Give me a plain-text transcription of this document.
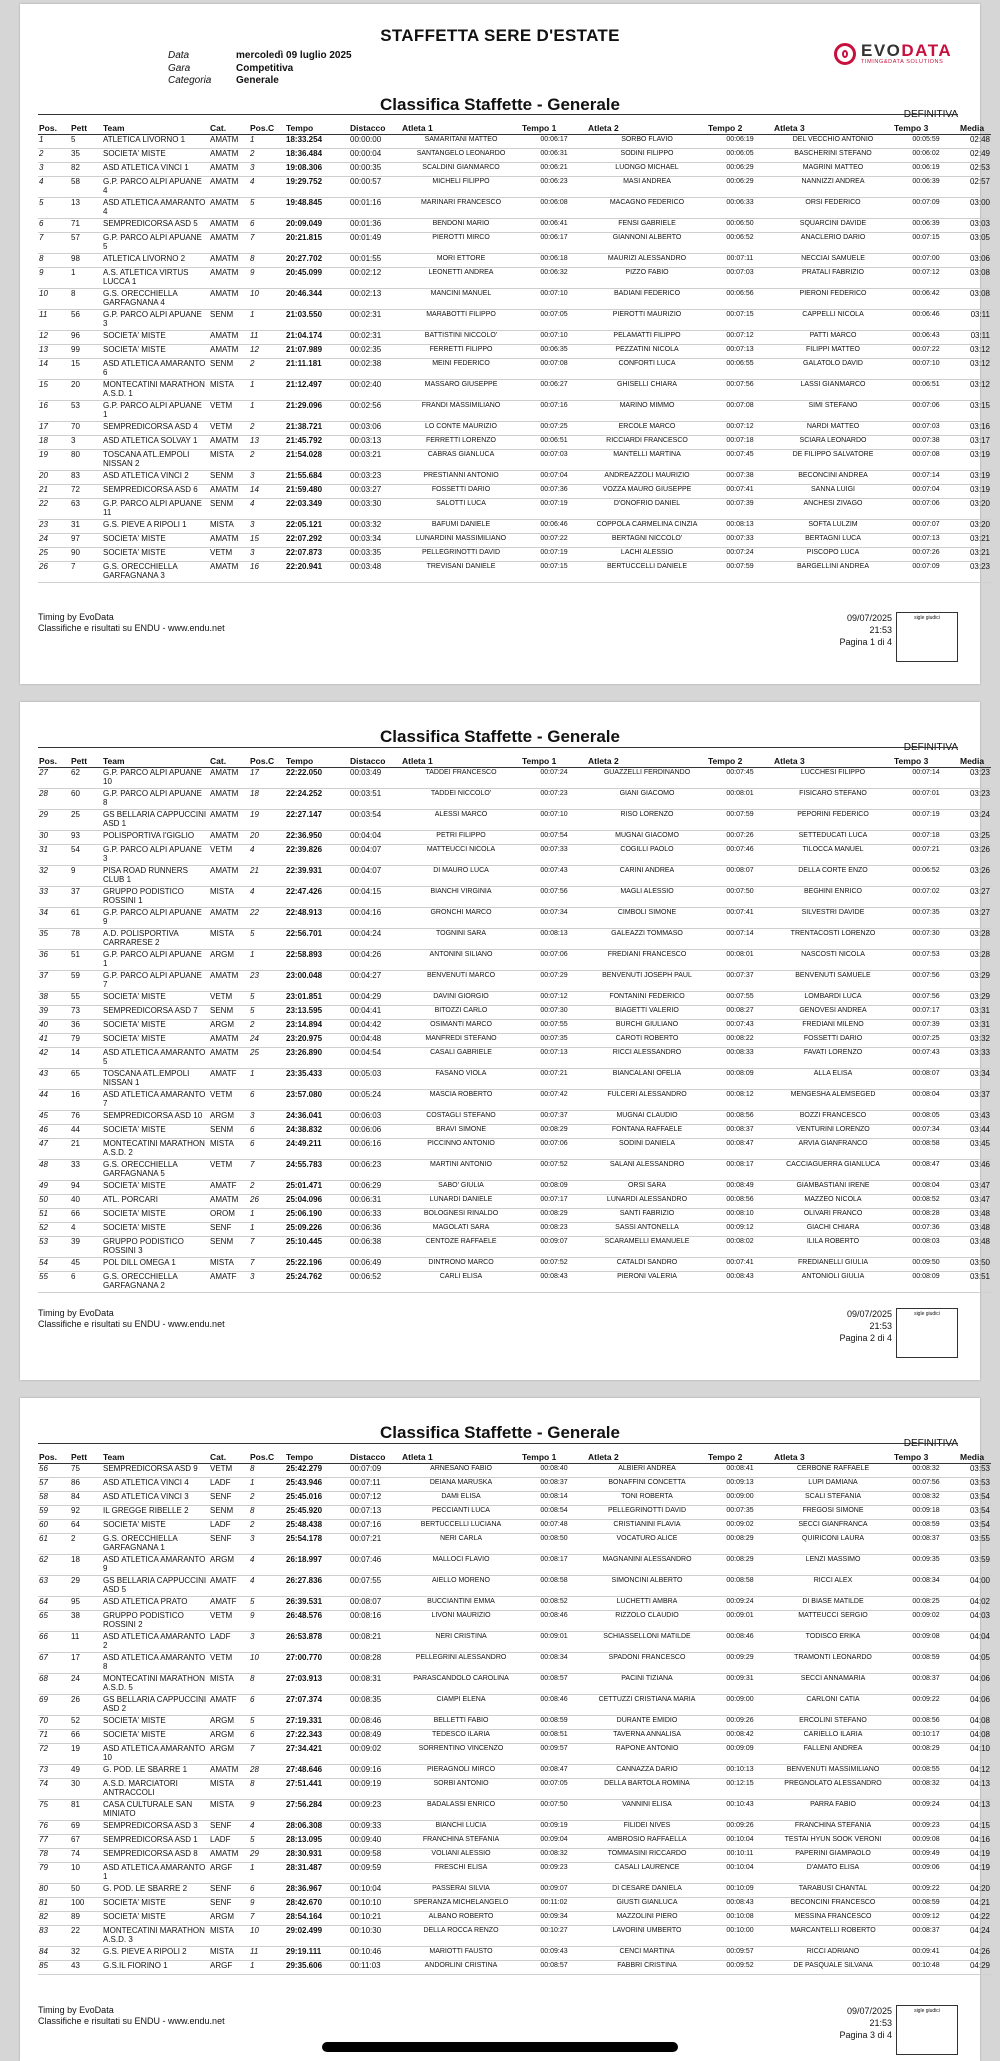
STAFFETTA SERE D'ESTATE
Data	mercoledì 09 luglio 2025
Gara	Competitiva
Categoria	Generale
EVODATA
TIMING&DATA SOLUTIONS
Classifica Staffette - Generale
DEFINITIVA
Pos.	Pett	Team	Cat.	Pos.C	Tempo	Distacco	Atleta 1	Tempo 1	Atleta 2	Tempo 2	Atleta 3	Tempo 3	Media
1	5	ATLETICA LIVORNO 1	AMATM	1	18:33.254	00:00:00	SAMARITANI MATTEO	00:06:17	SORBO FLAVIO	00:06:19	DEL VECCHIO ANTONIO	00:05:59	02:48
2	35	SOCIETA' MISTE	AMATM	2	18:36.484	00:00:04	SANTANGELO LEONARDO	00:06:31	SODINI FILIPPO	00:06:05	BASCHERINI STEFANO	00:06:02	02:49
3	82	ASD ATLETICA VINCI 1	AMATM	3	19:08.306	00:00:35	SCALDINI GIANMARCO	00:06:21	LUONGO MICHAEL	00:06:29	MAGRINI MATTEO	00:06:19	02:53
4	58	G.P. PARCO ALPI APUANE 4	AMATM	4	19:29.752	00:00:57	MICHELI FILIPPO	00:06:23	MASI ANDREA	00:06:29	NANNIZZI ANDREA	00:06:39	02:57
5	13	ASD ATLETICA AMARANTO 4	AMATM	5	19:48.845	00:01:16	MARINARI FRANCESCO	00:06:08	MACAGNO FEDERICO	00:06:33	ORSI FEDERICO	00:07:09	03:00
6	71	SEMPREDICORSA ASD 5	AMATM	6	20:09.049	00:01:36	BENDONI MARIO	00:06:41	FENSI GABRIELE	00:06:50	SQUARCINI DAVIDE	00:06:39	03:03
7	57	G.P. PARCO ALPI APUANE 5	AMATM	7	20:21.815	00:01:49	PIEROTTI MIRCO	00:06:17	GIANNONI ALBERTO	00:06:52	ANACLERIO DARIO	00:07:15	03:05
8	98	ATLETICA LIVORNO 2	AMATM	8	20:27.702	00:01:55	MORI ETTORE	00:06:18	MAURIZI ALESSANDRO	00:07:11	NECCIAI SAMUELE	00:07:00	03:06
9	1	A.S. ATLETICA VIRTUS LUCCA 1	AMATM	9	20:45.099	00:02:12	LEONETTI ANDREA	00:06:32	PIZZO FABIO	00:07:03	PRATALI FABRIZIO	00:07:12	03:08
10	8	G.S. ORECCHIELLA GARFAGNANA 4	AMATM	10	20:46.344	00:02:13	MANCINI MANUEL	00:07:10	BADIANI FEDERICO	00:06:56	PIERONI FEDERICO	00:06:42	03:08
11	56	G.P. PARCO ALPI APUANE 3	SENM	1	21:03.550	00:02:31	MARABOTTI FILIPPO	00:07:05	PIEROTTI MAURIZIO	00:07:15	CAPPELLI NICOLA	00:06:46	03:11
12	96	SOCIETA' MISTE	AMATM	11	21:04.174	00:02:31	BATTISTINI NICCOLO'	00:07:10	PELAMATTI FILIPPO	00:07:12	PATTI MARCO	00:06:43	03:11
13	99	SOCIETA' MISTE	AMATM	12	21:07.989	00:02:35	FERRETTI FILIPPO	00:06:35	PEZZATINI NICOLA	00:07:13	FILIPPI MATTEO	00:07:22	03:12
14	15	ASD ATLETICA AMARANTO 6	SENM	2	21:11.181	00:02:38	MEINI FEDERICO	00:07:08	CONFORTI LUCA	00:06:55	GALATOLO DAVID	00:07:10	03:12
15	20	MONTECATINI MARATHON A.S.D. 1	MISTA	1	21:12.497	00:02:40	MASSARO GIUSEPPE	00:06:27	GHISELLI CHIARA	00:07:56	LASSI GIANMARCO	00:06:51	03:12
16	53	G.P. PARCO ALPI APUANE 1	VETM	1	21:29.096	00:02:56	FRANDI MASSIMILIANO	00:07:16	MARINO MIMMO	00:07:08	SIMI STEFANO	00:07:06	03:15
17	70	SEMPREDICORSA ASD 4	VETM	2	21:38.721	00:03:06	LO CONTE MAURIZIO	00:07:25	ERCOLE MARCO	00:07:12	NARDI MATTEO	00:07:03	03:16
18	3	ASD ATLETICA SOLVAY 1	AMATM	13	21:45.792	00:03:13	FERRETTI LORENZO	00:06:51	RICCIARDI FRANCESCO	00:07:18	SCIARA LEONARDO	00:07:38	03:17
19	80	TOSCANA ATL.EMPOLI NISSAN 2	MISTA	2	21:54.028	00:03:21	CABRAS GIANLUCA	00:07:03	MANTELLI MARTINA	00:07:45	DE FILIPPO SALVATORE	00:07:08	03:19
20	83	ASD ATLETICA VINCI 2	SENM	3	21:55.684	00:03:23	PRESTIANNI ANTONIO	00:07:04	ANDREAZZOLI MAURIZIO	00:07:38	BECONCINI ANDREA	00:07:14	03:19
21	72	SEMPREDICORSA ASD 6	AMATM	14	21:59.480	00:03:27	FOSSETTI DARIO	00:07:36	VOZZA MAURO GIUSEPPE	00:07:41	SANNA LUIGI	00:07:04	03:19
22	63	G.P. PARCO ALPI APUANE 11	SENM	4	22:03.349	00:03:30	SALOTTI LUCA	00:07:19	D'ONOFRIO DANIEL	00:07:39	ANCHESI ZIVAGO	00:07:06	03:20
23	31	G.S. PIEVE A RIPOLI 1	MISTA	3	22:05.121	00:03:32	BAFUMI DANIELE	00:06:46	COPPOLA CARMELINA CINZIA	00:08:13	SOFTA LULZIM	00:07:07	03:20
24	97	SOCIETA' MISTE	AMATM	15	22:07.292	00:03:34	LUNARDINI MASSIMILIANO	00:07:22	BERTAGNI NICCOLO'	00:07:33	BERTAGNI LUCA	00:07:13	03:21
25	90	SOCIETA' MISTE	VETM	3	22:07.873	00:03:35	PELLEGRINOTTI DAVID	00:07:19	LACHI ALESSIO	00:07:24	PISCOPO LUCA	00:07:26	03:21
26	7	G.S. ORECCHIELLA GARFAGNANA 3	AMATM	16	22:20.941	00:03:48	TREVISANI DANIELE	00:07:15	BERTUCCELLI DANIELE	00:07:59	BARGELLINI ANDREA	00:07:09	03:23
Timing by EvoData
Classifiche e risultati su ENDU - www.endu.net
09/07/2025 21:53
Pagina 1 di 4
sigle giudici
Classifica Staffette - Generale
DEFINITIVA
Pos.	Pett	Team	Cat.	Pos.C	Tempo	Distacco	Atleta 1	Tempo 1	Atleta 2	Tempo 2	Atleta 3	Tempo 3	Media
27	62	G.P. PARCO ALPI APUANE 10	AMATM	17	22:22.050	00:03:49	TADDEI FRANCESCO	00:07:24	GUAZZELLI FERDINANDO	00:07:45	LUCCHESI FILIPPO	00:07:14	03:23
28	60	G.P. PARCO ALPI APUANE 8	AMATM	18	22:24.252	00:03:51	TADDEI NICCOLO'	00:07:23	GIANI GIACOMO	00:08:01	FISICARO STEFANO	00:07:01	03:23
29	25	GS BELLARIA CAPPUCCINI ASD 1	AMATM	19	22:27.147	00:03:54	ALESSI MARCO	00:07:10	RISO LORENZO	00:07:59	PEPORINI FEDERICO	00:07:19	03:24
30	93	POLISPORTIVA I'GIGLIO	AMATM	20	22:36.950	00:04:04	PETRI FILIPPO	00:07:54	MUGNAI GIACOMO	00:07:26	SETTEDUCATI LUCA	00:07:18	03:25
31	54	G.P. PARCO ALPI APUANE 3	VETM	4	22:39.826	00:04:07	MATTEUCCI NICOLA	00:07:33	COGILLI PAOLO	00:07:46	TILOCCA MANUEL	00:07:21	03:26
32	9	PISA ROAD RUNNERS CLUB 1	AMATM	21	22:39.931	00:04:07	DI MAURO LUCA	00:07:43	CARINI ANDREA	00:08:07	DELLA CORTE ENZO	00:06:52	03:26
33	37	GRUPPO PODISTICO ROSSINI 1	MISTA	4	22:47.426	00:04:15	BIANCHI VIRGINIA	00:07:56	MAGLI ALESSIO	00:07:50	BEGHINI ENRICO	00:07:02	03:27
34	61	G.P. PARCO ALPI APUANE 9	AMATM	22	22:48.913	00:04:16	GRONCHI MARCO	00:07:34	CIMBOLI SIMONE	00:07:41	SILVESTRI DAVIDE	00:07:35	03:27
35	78	A.D. POLISPORTIVA CARRARESE 2	MISTA	5	22:56.701	00:04:24	TOGNINI SARA	00:08:13	GALEAZZI TOMMASO	00:07:14	TRENTACOSTI LORENZO	00:07:30	03:28
36	51	G.P. PARCO ALPI APUANE 1	ARGM	1	22:58.893	00:04:26	ANTONINI SILIANO	00:07:06	FREDIANI FRANCESCO	00:08:01	NASCOSTI NICOLA	00:07:53	03:28
37	59	G.P. PARCO ALPI APUANE 7	AMATM	23	23:00.048	00:04:27	BENVENUTI MARCO	00:07:29	BENVENUTI JOSEPH PAUL	00:07:37	BENVENUTI SAMUELE	00:07:56	03:29
38	55	SOCIETA' MISTE	VETM	5	23:01.851	00:04:29	DAVINI GIORGIO	00:07:12	FONTANINI FEDERICO	00:07:55	LOMBARDI LUCA	00:07:56	03:29
39	73	SEMPREDICORSA ASD 7	SENM	5	23:13.595	00:04:41	BITOZZI CARLO	00:07:30	BIAGETTI VALERIO	00:08:27	GENOVESI ANDREA	00:07:17	03:31
40	36	SOCIETA' MISTE	ARGM	2	23:14.894	00:04:42	OSIMANTI MARCO	00:07:55	BURCHI GIULIANO	00:07:43	FREDIANI MILENO	00:07:39	03:31
41	79	SOCIETA' MISTE	AMATM	24	23:20.975	00:04:48	MANFREDI STEFANO	00:07:35	CAROTI ROBERTO	00:08:22	FOSSETTI DARIO	00:07:25	03:32
42	14	ASD ATLETICA AMARANTO 5	AMATM	25	23:26.890	00:04:54	CASALI GABRIELE	00:07:13	RICCI ALESSANDRO	00:08:33	FAVATI LORENZO	00:07:43	03:33
43	65	TOSCANA ATL.EMPOLI NISSAN 1	AMATF	1	23:35.433	00:05:03	FASANO VIOLA	00:07:21	BIANCALANI OFELIA	00:08:09	ALLA ELISA	00:08:07	03:34
44	16	ASD ATLETICA AMARANTO 7	VETM	6	23:57.080	00:05:24	MASCIA ROBERTO	00:07:42	FULCERI ALESSANDRO	00:08:12	MENGESHA ALEMSEGED	00:08:04	03:37
45	76	SEMPREDICORSA ASD 10	ARGM	3	24:36.041	00:06:03	COSTAGLI STEFANO	00:07:37	MUGNAI CLAUDIO	00:08:56	BOZZI FRANCESCO	00:08:05	03:43
46	44	SOCIETA' MISTE	SENM	6	24:38.832	00:06:06	BRAVI SIMONE	00:08:29	FONTANA RAFFAELE	00:08:37	VENTURINI LORENZO	00:07:34	03:44
47	21	MONTECATINI MARATHON A.S.D. 2	MISTA	6	24:49.211	00:06:16	PICCINNO ANTONIO	00:07:06	SODINI DANIELA	00:08:47	ARVIA GIANFRANCO	00:08:58	03:45
48	33	G.S. ORECCHIELLA GARFAGNANA 5	VETM	7	24:55.783	00:06:23	MARTINI ANTONIO	00:07:52	SALANI ALESSANDRO	00:08:17	CACCIAGUERRA GIANLUCA	00:08:47	03:46
49	94	SOCIETA' MISTE	AMATF	2	25:01.471	00:06:29	SABO' GIULIA	00:08:09	ORSI SARA	00:08:49	GIAMBASTIANI IRENE	00:08:04	03:47
50	40	ATL. PORCARI	AMATM	26	25:04.096	00:06:31	LUNARDI DANIELE	00:07:17	LUNARDI ALESSANDRO	00:08:56	MAZZEO NICOLA	00:08:52	03:47
51	66	SOCIETA' MISTE	OROM	1	25:06.190	00:06:33	BOLOGNESI RINALDO	00:08:29	SANTI FABRIZIO	00:08:10	OLIVARI FRANCO	00:08:28	03:48
52	4	SOCIETA' MISTE	SENF	1	25:09.226	00:06:36	MAGOLATI SARA	00:08:23	SASSI ANTONELLA	00:09:12	GIACHI CHIARA	00:07:36	03:48
53	39	GRUPPO PODISTICO ROSSINI 3	SENM	7	25:10.445	00:06:38	CENTOZE RAFFAELE	00:09:07	SCARAMELLI EMANUELE	00:08:02	ILILA ROBERTO	00:08:03	03:48
54	45	POL DILL OMEGA 1	MISTA	7	25:22.196	00:06:49	DINTRONO MARCO	00:07:52	CATALDI SANDRO	00:07:41	FREDIANELLI GIULIA	00:09:50	03:50
55	6	G.S. ORECCHIELLA GARFAGNANA 2	AMATF	3	25:24.762	00:06:52	CARLI ELISA	00:08:43	PIERONI VALERIA	00:08:43	ANTONIOLI GIULIA	00:08:09	03:51
Timing by EvoData
Classifiche e risultati su ENDU - www.endu.net
09/07/2025 21:53
Pagina 2 di 4
sigle giudici
Classifica Staffette - Generale
DEFINITIVA
Pos.	Pett	Team	Cat.	Pos.C	Tempo	Distacco	Atleta 1	Tempo 1	Atleta 2	Tempo 2	Atleta 3	Tempo 3	Media
56	75	SEMPREDICORSA ASD 9	VETM	8	25:42.279	00:07:09	ARNESANO FABIO	00:08:40	ALBIERI ANDREA	00:08:41	CERBONE RAFFAELE	00:08:32	03:53
57	86	ASD ATLETICA VINCI 4	LADF	1	25:43.946	00:07:11	DEIANA MARUSKA	00:08:37	BONAFFINI CONCETTA	00:09:13	LUPI DAMIANA	00:07:56	03:53
58	84	ASD ATLETICA VINCI 3	SENF	2	25:45.016	00:07:12	DAMI ELISA	00:08:14	TONI ROBERTA	00:09:00	SCALI STEFANIA	00:08:32	03:54
59	92	IL GREGGE RIBELLE 2	SENM	8	25:45.920	00:07:13	PECCIANTI LUCA	00:08:54	PELLEGRINOTTI DAVID	00:07:35	FREGOSI SIMONE	00:09:18	03:54
60	64	SOCIETA' MISTE	LADF	2	25:48.438	00:07:16	BERTUCCELLI LUCIANA	00:07:48	CRISTIANINI FLAVIA	00:09:02	SECCI GIANFRANCA	00:08:59	03:54
61	2	G.S. ORECCHIELLA GARFAGNANA 1	SENF	3	25:54.178	00:07:21	NERI CARLA	00:08:50	VOCATURO ALICE	00:08:29	QUIRICONI LAURA	00:08:37	03:55
62	18	ASD ATLETICA AMARANTO 9	ARGM	4	26:18.997	00:07:46	MALLOCI FLAVIO	00:08:17	MAGNANINI ALESSANDRO	00:08:29	LENZI MASSIMO	00:09:35	03:59
63	29	GS BELLARIA CAPPUCCINI ASD 5	AMATF	4	26:27.836	00:07:55	AIELLO MORENO	00:08:58	SIMONCINI ALBERTO	00:08:58	RICCI ALEX	00:08:34	04:00
64	95	ASD ATLETICA PRATO	AMATF	5	26:39.531	00:08:07	BUCCIANTINI EMMA	00:08:52	LUCHETTI AMBRA	00:09:24	DI BIASE MATILDE	00:08:25	04:02
65	38	GRUPPO PODISTICO ROSSINI 2	VETM	9	26:48.576	00:08:16	LIVONI MAURIZIO	00:08:46	RIZZOLO CLAUDIO	00:09:01	MATTEUCCI SERGIO	00:09:02	04:03
66	11	ASD ATLETICA AMARANTO 2	LADF	3	26:53.878	00:08:21	NERI CRISTINA	00:09:01	SCHIASSELLONI MATILDE	00:08:46	TODISCO ERIKA	00:09:08	04:04
67	17	ASD ATLETICA AMARANTO 8	VETM	10	27:00.770	00:08:28	PELLEGRINI ALESSANDRO	00:08:34	SPADONI FRANCESCO	00:09:29	TRAMONTI LEONARDO	00:08:59	04:05
68	24	MONTECATINI MARATHON A.S.D. 5	MISTA	8	27:03.913	00:08:31	PARASCANDOLO CAROLINA	00:08:57	PACINI TIZIANA	00:09:31	SECCI ANNAMARIA	00:08:37	04:06
69	26	GS BELLARIA CAPPUCCINI ASD 2	AMATF	6	27:07.374	00:08:35	CIAMPI ELENA	00:08:46	CETTUZZI CRISTIANA MARIA	00:09:00	CARLONI CATIA	00:09:22	04:06
70	52	SOCIETA' MISTE	ARGM	5	27:19.331	00:08:46	BELLETTI FABIO	00:08:59	DURANTE EMIDIO	00:09:26	ERCOLINI STEFANO	00:08:56	04:08
71	66	SOCIETA' MISTE	ARGM	6	27:22.343	00:08:49	TEDESCO ILARIA	00:08:51	TAVERNA ANNALISA	00:08:42	CARIELLO ILARIA	00:10:17	04:08
72	19	ASD ATLETICA AMARANTO 10	ARGM	7	27:34.421	00:09:02	SORRENTINO VINCENZO	00:09:57	RAPONE ANTONIO	00:09:09	FALLENI ANDREA	00:08:29	04:10
73	49	G. POD. LE SBARRE 1	AMATM	28	27:48.646	00:09:16	PIERAGNOLI MIRCO	00:08:47	CANNAZZA DARIO	00:10:13	BENVENUTI MASSIMILIANO	00:08:55	04:12
74	30	A.S.D. MARCIATORI ANTRACCOLI	MISTA	8	27:51.441	00:09:19	SORBI ANTONIO	00:07:05	DELLA BARTOLA ROMINA	00:12:15	PREGNOLATO ALESSANDRO	00:08:32	04:13
75	81	CASA CULTURALE SAN MINIATO	MISTA	9	27:56.284	00:09:23	BADALASSI ENRICO	00:07:50	VANNINI ELISA	00:10:43	PARRA FABIO	00:09:24	04:13
76	69	SEMPREDICORSA ASD 3	SENF	4	28:06.308	00:09:33	BIANCHI LUCIA	00:09:19	FILIDEI NIVES	00:09:26	FRANCHINA STEFANIA	00:09:23	04:15
77	67	SEMPREDICORSA ASD 1	LADF	5	28:13.095	00:09:40	FRANCHINA STEFANIA	00:09:04	AMBROSIO RAFFAELLA	00:10:04	TESTAI HYUN SOOK VERONI	00:09:08	04:16
78	74	SEMPREDICORSA ASD 8	AMATM	29	28:30.931	00:09:58	VOLIANI ALESSIO	00:08:32	TOMMASINI RICCARDO	00:10:11	PAPERINI GIAMPAOLO	00:09:49	04:19
79	10	ASD ATLETICA AMARANTO 1	ARGF	1	28:31.487	00:09:59	FRESCHI ELISA	00:09:23	CASALI LAURENCE	00:10:04	D'AMATO ELISA	00:09:06	04:19
80	50	G. POD. LE SBARRE 2	SENF	6	28:36.967	00:10:04	PASSERAI SILVIA	00:09:07	DI CESARE DANIELA	00:10:09	TARABUSI CHANTAL	00:09:22	04:20
81	100	SOCIETA' MISTE	SENF	9	28:42.670	00:10:10	SPERANZA MICHELANGELO	00:11:02	GIUSTI GIANLUCA	00:08:43	BECONCINI FRANCESCO	00:08:59	04:21
82	89	SOCIETA' MISTE	ARGM	7	28:54.164	00:10:21	ALBANO ROBERTO	00:09:34	MAZZOLINI PIERO	00:10:08	MESSINA FRANCESCO	00:09:12	04:22
83	22	MONTECATINI MARATHON A.S.D. 3	MISTA	10	29:02.499	00:10:30	DELLA ROCCA RENZO	00:10:27	LAVORINI UMBERTO	00:10:00	MARCANTELLI ROBERTO	00:08:37	04:24
84	32	G.S. PIEVE A RIPOLI 2	MISTA	11	29:19.111	00:10:46	MARIOTTI FAUSTO	00:09:43	CENCI MARTINA	00:09:57	RICCI ADRIANO	00:09:41	04:26
85	43	G.S.IL FIORINO 1	ARGF	1	29:35.606	00:11:03	ANDORLINI CRISTINA	00:08:57	FABBRI CRISTINA	00:09:52	DE PASQUALE SILVANA	00:10:48	04:29
Timing by EvoData
Classifiche e risultati su ENDU - www.endu.net
09/07/2025 21:53
Pagina 3 di 4
sigle giudici
